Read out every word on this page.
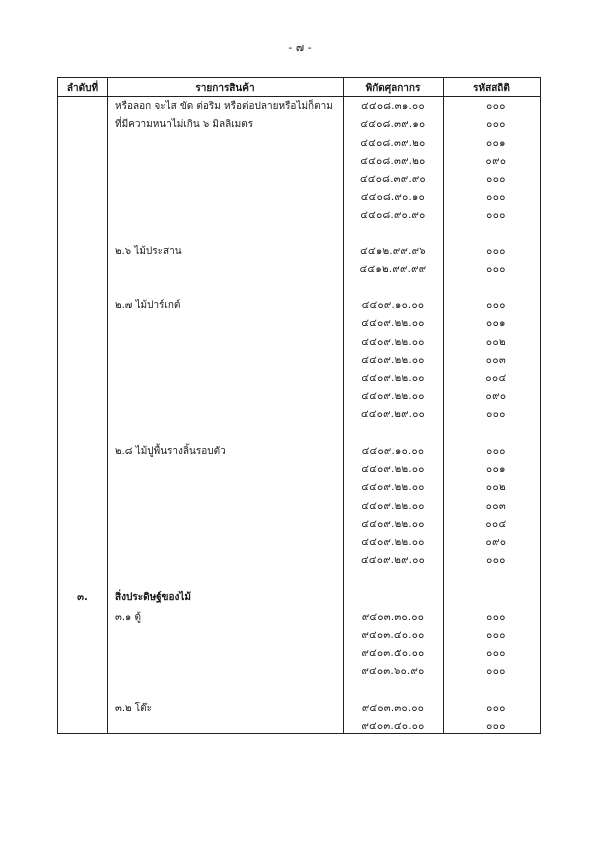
- ๗ -
ลำดับที่	รายการสินค้า	พิกัดศุลกากร	รหัสสถิติ
หรือลอก จะไส ขัด ต่อริม หรือต่อปลายหรือไม่ก็ตาม	๔๔๐๘.๓๑.๐๐	๐๐๐
ที่มีความหนาไม่เกิน ๖ มิลลิเมตร	๔๔๐๘.๓๙.๑๐	๐๐๐
๔๔๐๘.๓๙.๒๐	๐๐๑
๔๔๐๘.๓๙.๒๐	๐๙๐
๔๔๐๘.๓๙.๙๐	๐๐๐
๔๔๐๘.๙๐.๑๐	๐๐๐
๔๔๐๘.๙๐.๙๐	๐๐๐
๒.๖ ไม้ประสาน	๔๔๑๒.๙๙.๙๖	๐๐๐
๔๔๑๒.๙๙.๙๙	๐๐๐
๒.๗ ไม้ปาร์เกต์	๔๔๐๙.๑๐.๐๐	๐๐๐
๔๔๐๙.๒๒.๐๐	๐๐๑
๔๔๐๙.๒๒.๐๐	๐๐๒
๔๔๐๙.๒๒.๐๐	๐๐๓
๔๔๐๙.๒๒.๐๐	๐๐๔
๔๔๐๙.๒๒.๐๐	๐๙๐
๔๔๐๙.๒๙.๐๐	๐๐๐
๒.๘ ไม้ปูพื้นรางลิ้นรอบตัว	๔๔๐๙.๑๐.๐๐	๐๐๐
๔๔๐๙.๒๒.๐๐	๐๐๑
๔๔๐๙.๒๒.๐๐	๐๐๒
๔๔๐๙.๒๒.๐๐	๐๐๓
๔๔๐๙.๒๒.๐๐	๐๐๔
๔๔๐๙.๒๒.๐๐	๐๙๐
๔๔๐๙.๒๙.๐๐	๐๐๐
๓.	สิ่งประดิษฐ์ของไม้
๓.๑ ตู้	๙๔๐๓.๓๐.๐๐	๐๐๐
๙๔๐๓.๔๐.๐๐	๐๐๐
๙๔๐๓.๕๐.๐๐	๐๐๐
๙๔๐๓.๖๐.๙๐	๐๐๐
๓.๒ โต๊ะ	๙๔๐๓.๓๐.๐๐	๐๐๐
๙๔๐๓.๔๐.๐๐	๐๐๐
